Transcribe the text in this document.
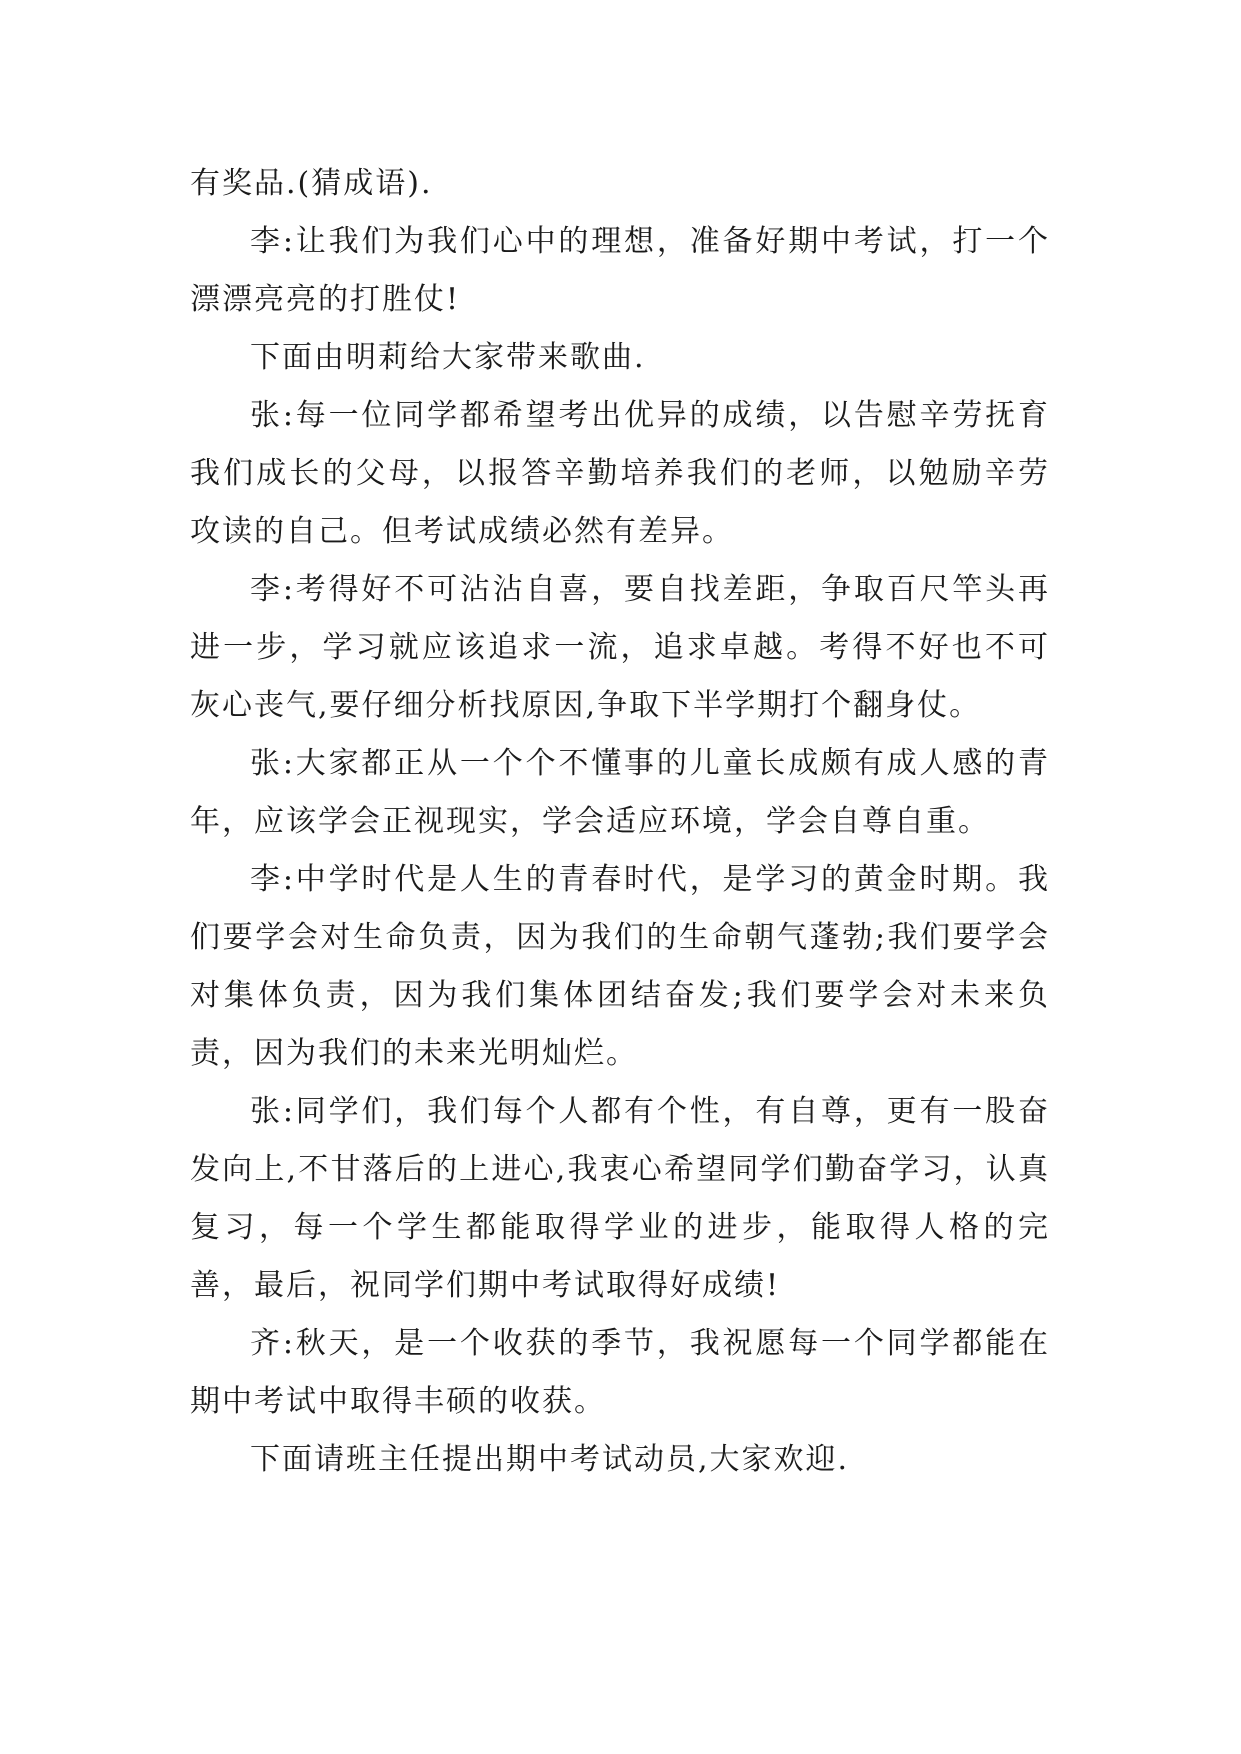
有奖品.(猜成语).

李:让我们为我们心中的理想，准备好期中考试，打一个漂漂亮亮的打胜仗!

下面由明莉给大家带来歌曲.

张:每一位同学都希望考出优异的成绩，以告慰辛劳抚育我们成长的父母，以报答辛勤培养我们的老师，以勉励辛劳攻读的自己。但考试成绩必然有差异。

李:考得好不可沾沾自喜，要自找差距，争取百尺竿头再进一步，学习就应该追求一流，追求卓越。考得不好也不可灰心丧气,要仔细分析找原因,争取下半学期打个翻身仗。

张:大家都正从一个个不懂事的儿童长成颇有成人感的青年，应该学会正视现实，学会适应环境，学会自尊自重。

李:中学时代是人生的青春时代，是学习的黄金时期。我们要学会对生命负责，因为我们的生命朝气蓬勃;我们要学会对集体负责，因为我们集体团结奋发;我们要学会对未来负责，因为我们的未来光明灿烂。

张:同学们，我们每个人都有个性，有自尊，更有一股奋发向上,不甘落后的上进心,我衷心希望同学们勤奋学习，认真复习，每一个学生都能取得学业的进步，能取得人格的完善，最后，祝同学们期中考试取得好成绩!

齐:秋天，是一个收获的季节，我祝愿每一个同学都能在期中考试中取得丰硕的收获。

下面请班主任提出期中考试动员,大家欢迎.
